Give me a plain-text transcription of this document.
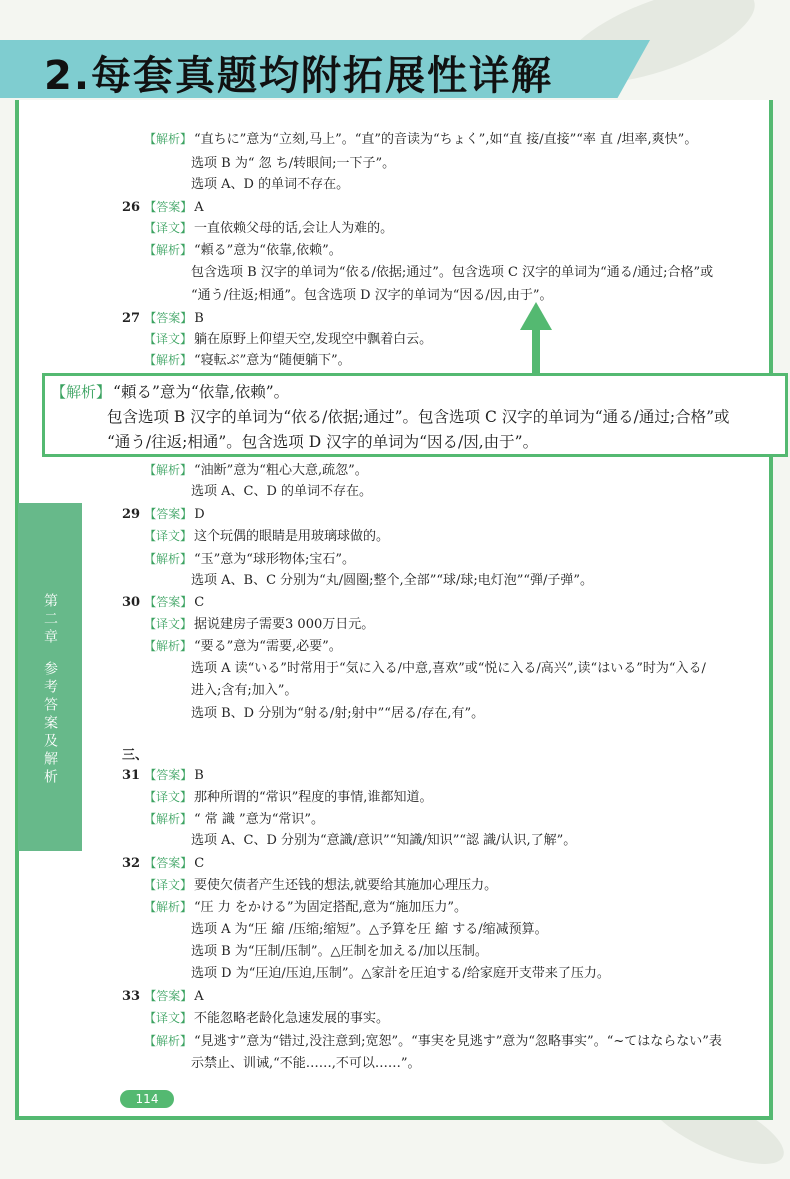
2.每套真题均附拓展性详解
第二章
参考答案及解析
【解析】 “直ちに”意为“立刻,马上”。“直”的音读为“ちょく”,如“直 接/直接”“率 直 /坦率,爽快”。
选项 B 为“ 忽 ち/转眼间;一下子”。
选项 A、D 的单词不存在。
26 【答案】 A
【译文】 一直依赖父母的话,会让人为难的。
【解析】 “頼る”意为“依靠,依赖”。
包含选项 B 汉字的单词为“依る/依据;通过”。包含选项 C 汉字的单词为“通る/通过;合格”或
“通う/往返;相通”。包含选项 D 汉字的单词为“因る/因,由于”。
27 【答案】 B
【译文】 躺在原野上仰望天空,发现空中飘着白云。
【解析】 “寝転ぶ”意为“随便躺下”。
【解析】 “油断”意为“粗心大意,疏忽”。
选项 A、C、D 的单词不存在。
29 【答案】 D
【译文】 这个玩偶的眼睛是用玻璃球做的。
【解析】 “玉”意为“球形物体;宝石”。
选项 A、B、C 分别为“丸/圆圈;整个,全部”“球/球;电灯泡”“弾/子弹”。
30 【答案】 C
【译文】 据说建房子需要3 000万日元。
【解析】 “要る”意为“需要,必要”。
选项 A 读“いる”时常用于“気に入る/中意,喜欢”或“悦に入る/高兴”,读“はいる”时为“入る/
进入;含有;加入”。
选项 B、D 分别为“射る/射;射中”“居る/存在,有”。
三、
31 【答案】 B
【译文】 那种所谓的“常识”程度的事情,谁都知道。
【解析】 “ 常 識 ”意为“常识”。
选项 A、C、D 分别为“意識/意识”“知識/知识”“認 識/认识,了解”。
32 【答案】 C
【译文】 要使欠债者产生还钱的想法,就要给其施加心理压力。
【解析】 “圧 力 をかける”为固定搭配,意为“施加压力”。
选项 A 为“圧 縮 /压缩;缩短”。△予算を圧 縮 する/缩减预算。
选项 B 为“圧制/压制”。△圧制を加える/加以压制。
选项 D 为“圧迫/压迫,压制”。△家計を圧迫する/给家庭开支带来了压力。
33 【答案】 A
【译文】 不能忽略老龄化急速发展的事实。
【解析】 “見逃す”意为“错过,没注意到;宽恕”。“事実を見逃す”意为“忽略事实”。“~てはならない”表
示禁止、训诫,“不能……,不可以……”。
【解析】 “頼る”意为“依靠,依赖”。
包含选项 B 汉字的单词为“依る/依据;通过”。包含选项 C 汉字的单词为“通る/通过;合格”或
“通う/往返;相通”。包含选项 D 汉字的单词为“因る/因,由于”。
114
